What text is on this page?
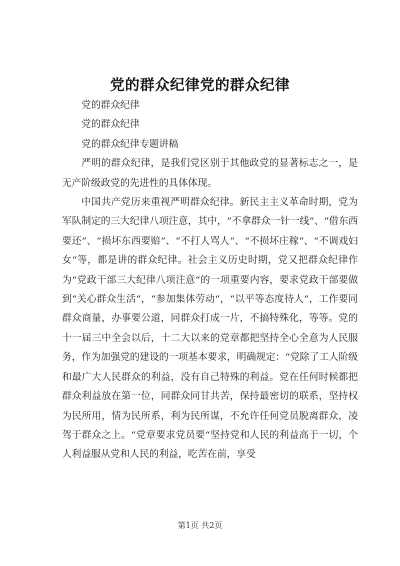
党的群众纪律党的群众纪律

党的群众纪律

党的群众纪律

党的群众纪律专题讲稿

严明的群众纪律，是我们党区别于其他政党的显著标志之一，是无产阶级政党的先进性的具体体现。

中国共产党历来重视严明群众纪律。新民主主义革命时期，党为军队制定的三大纪律八项注意，其中，“不拿群众一针一线“、“借东西要还“、“损坏东西要赔“、“不打人骂人“、“不损坏庄稼“、“不调戏妇女“等，都是讲的群众纪律。社会主义历史时期，党又把群众纪律作为“党政干部三大纪律八项注意“的一项重要内容，要求党政干部要做到“关心群众生活“，“参加集体劳动“，“以平等态度待人“，工作要同群众商量，办事要公道，同群众打成一片，不搞特殊化，等等。党的十一届三中全会以后，十二大以来的党章都把坚持全心全意为人民服务，作为加强党的建设的一项基本要求，明确规定：“党除了工人阶级和最广大人民群众的利益，没有自己特殊的利益。党在任何时候都把群众利益放在第一位，同群众同甘共苦，保持最密切的联系，坚持权为民所用，情为民所系，利为民所谋，不允许任何党员脱离群众，凌驾于群众之上。“党章要求党员要“坚持党和人民的利益高于一切，个人利益服从党和人民的利益，吃苦在前，享受

第1页 共2页
